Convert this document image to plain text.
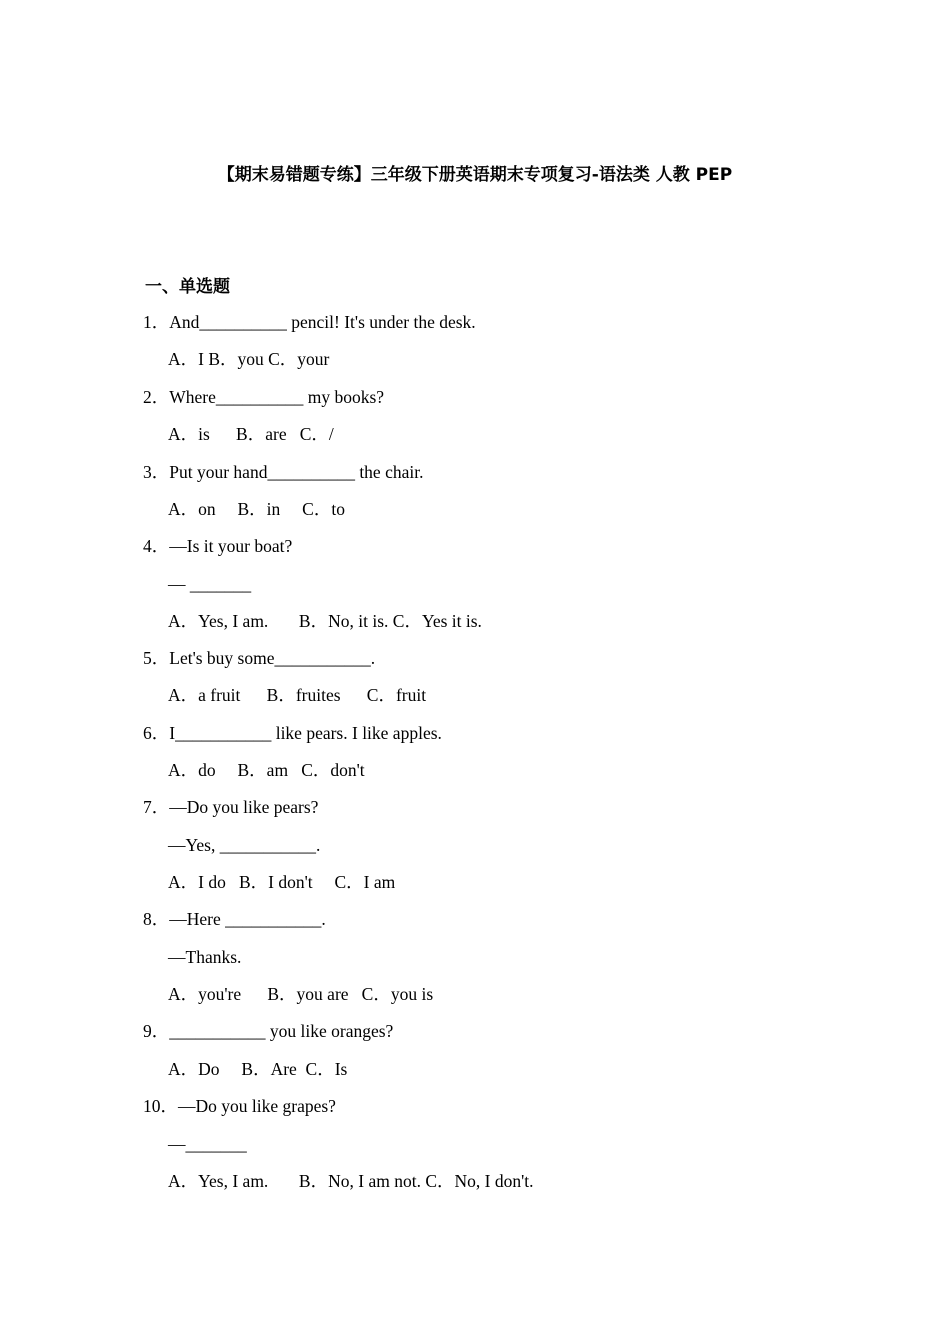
【期末易错题专练】三年级下册英语期末专项复习-语法类 人教 PEP
一、单选题
1．And__________ pencil! It's under the desk.
A．I B．you C．your
2．Where__________ my books?
A．is      B．are   C．/
3．Put your hand__________ the chair.
A．on     B．in     C．to
4．—Is it your boat?
— _______
A．Yes, I am.       B．No, it is. C．Yes it is.
5．Let's buy some___________.
A．a fruit      B．fruites      C．fruit
6．I___________ like pears. I like apples.
A．do     B．am   C．don't
7．—Do you like pears?
—Yes, ___________.
A．I do   B．I don't     C．I am
8．—Here ___________.
—Thanks.
A．you're      B．you are   C．you is
9．___________ you like oranges?
A．Do     B．Are  C．Is
10．—Do you like grapes?
—_______
A．Yes, I am.       B．No, I am not. C．No, I don't.
